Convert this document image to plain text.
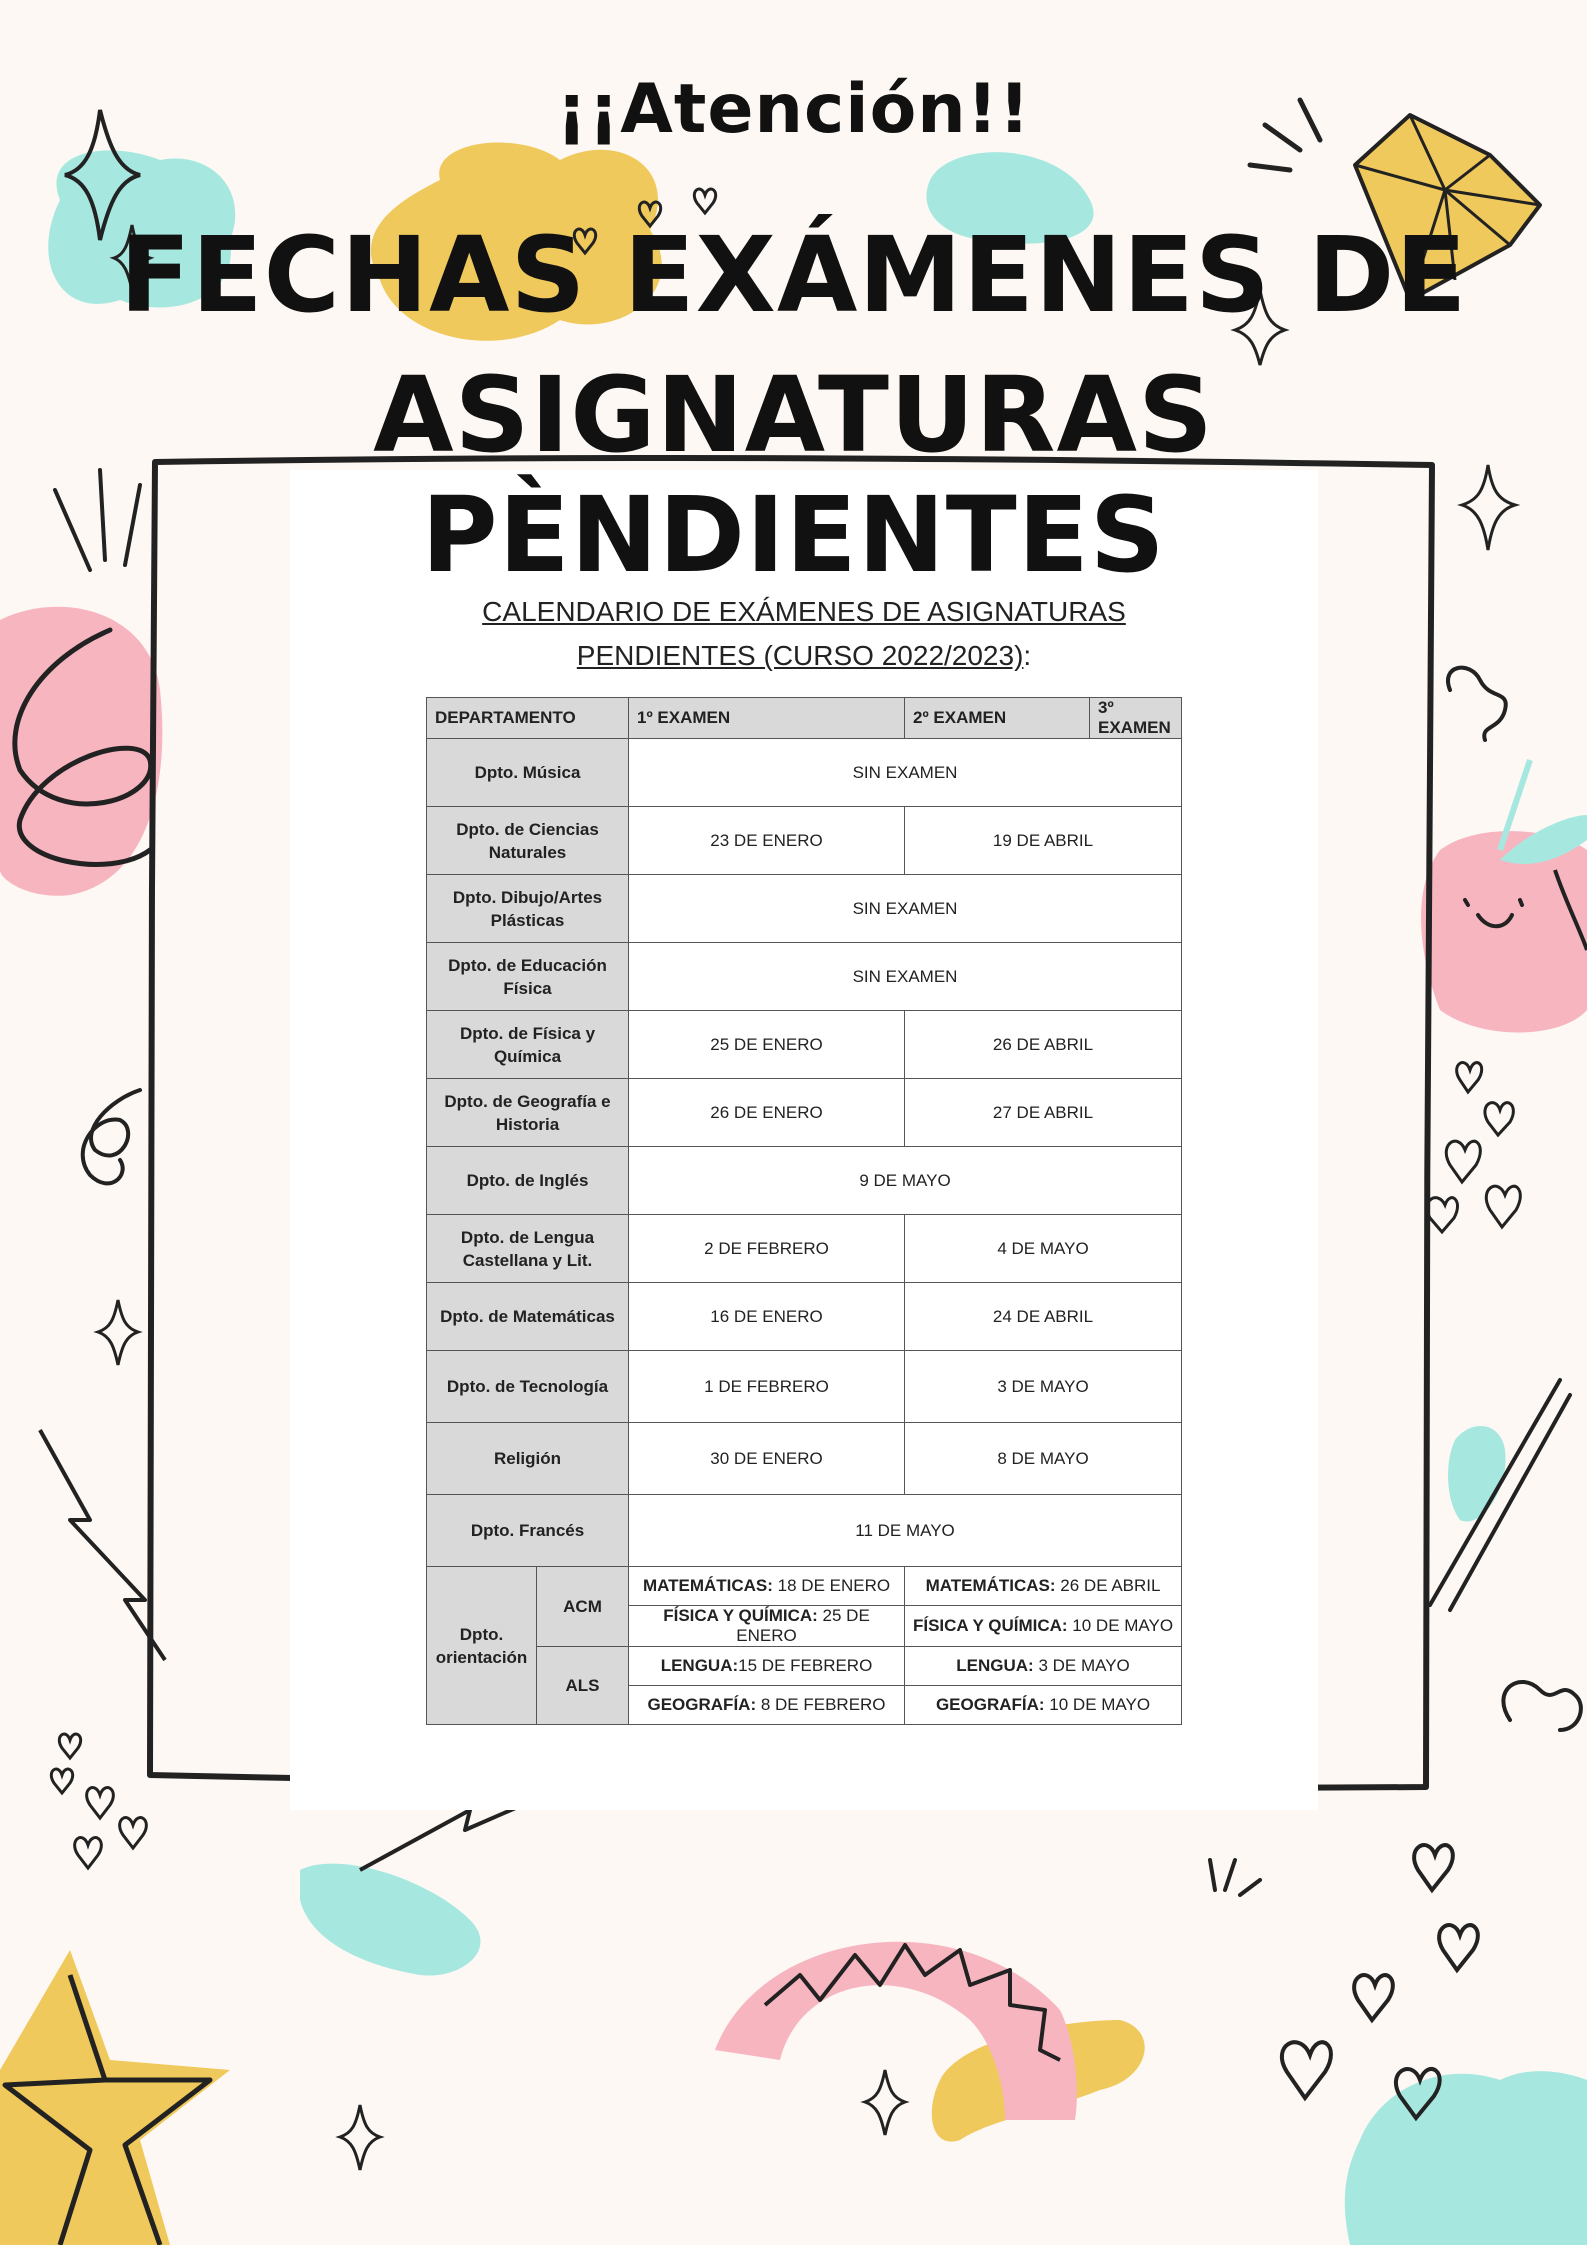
¡¡Atención!!
FECHAS EXÁMENES DE
ASIGNATURAS PÈNDIENTES
CALENDARIO DE EXÁMENES DE ASIGNATURAS
PENDIENTES (CURSO 2022/2023):
DEPARTAMENTO		1º EXAMEN	2º EXAMEN	3º EXAMEN
Dpto. Música		SIN EXAMEN		
Dpto. de Ciencias Naturales		23 DE ENERO	19 DE ABRIL	
Dpto. Dibujo/Artes Plásticas		SIN EXAMEN		
Dpto. de Educación Física		SIN EXAMEN		
Dpto. de Física y Química		25 DE ENERO	26 DE ABRIL	
Dpto. de Geografía e Historia		26 DE ENERO	27 DE ABRIL	
Dpto. de Inglés		9 DE MAYO		
Dpto. de Lengua Castellana y Lit.		2 DE FEBRERO	4 DE MAYO	
Dpto. de Matemáticas		16 DE ENERO	24 DE ABRIL	
Dpto. de Tecnología		1 DE FEBRERO	3 DE MAYO	
Religión		30 DE ENERO	8 DE MAYO	
Dpto. Francés		11 DE MAYO		
Dpto. orientación	ACM	MATEMÁTICAS: 18 DE ENERO	MATEMÁTICAS: 26 DE ABRIL	
		FÍSICA Y QUÍMICA: 25 DE ENERO	FÍSICA Y QUÍMICA: 10 DE MAYO	
	ALS	LENGUA:15 DE FEBRERO	LENGUA: 3 DE MAYO	
		GEOGRAFÍA: 8 DE FEBRERO	GEOGRAFÍA: 10 DE MAYO	
